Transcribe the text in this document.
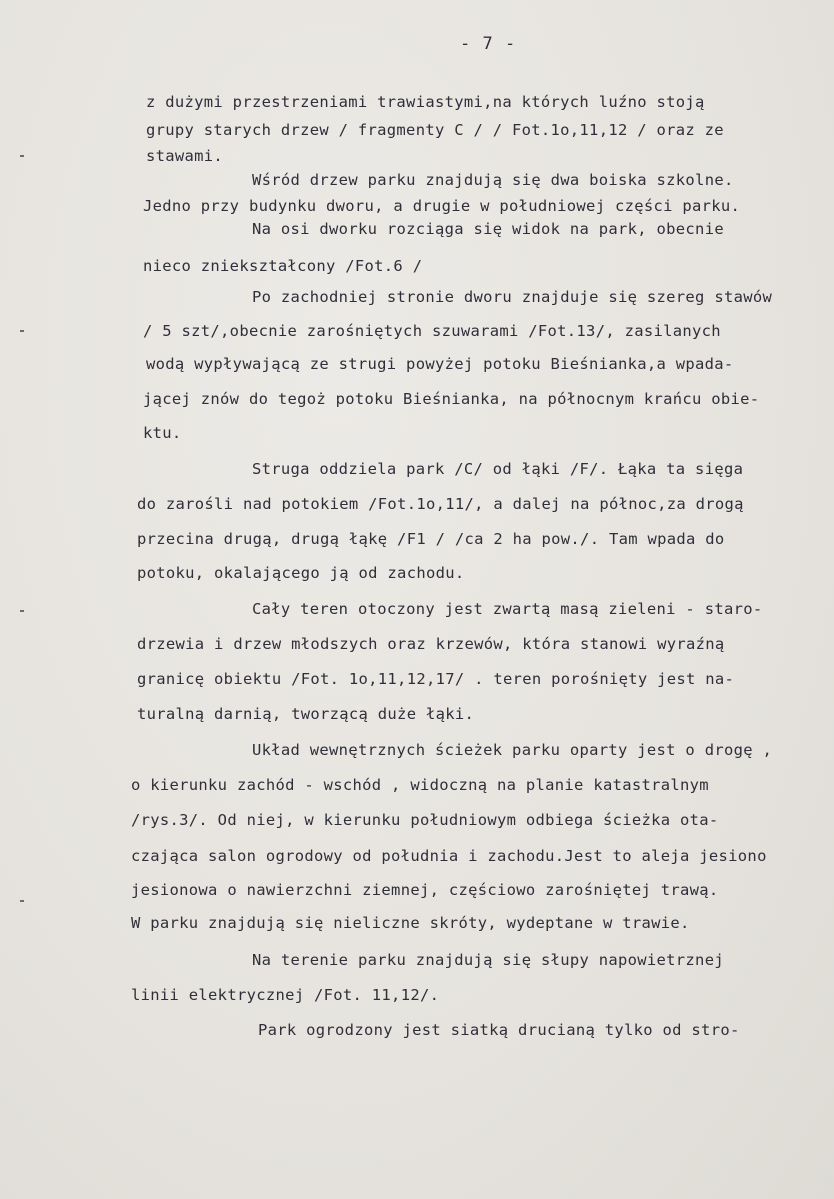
- 7 -
z dużymi przestrzeniami trawiastymi,na których luźno stoją
grupy starych drzew / fragmenty C / / Fot.1o,11,12 / oraz ze
stawami.
Wśród drzew parku znajdują się dwa boiska szkolne.
Jedno przy budynku dworu, a drugie w południowej części parku.
Na osi dworku rozciąga się widok na park, obecnie
nieco zniekształcony /Fot.6 /
Po zachodniej stronie dworu znajduje się szereg stawów
/ 5 szt/,obecnie zarośniętych szuwarami /Fot.13/, zasilanych
wodą wypływającą ze strugi powyżej potoku Bieśnianka,a wpada-
jącej znów do tegoż potoku Bieśnianka, na północnym krańcu obie-
ktu.
Struga oddziela park /C/ od łąki /F/. Łąka ta sięga
do zarośli nad potokiem /Fot.1o,11/, a dalej na północ,za drogą
przecina drugą, drugą łąkę /F1 / /ca 2 ha pow./. Tam wpada do
potoku, okalającego ją od zachodu.
Cały teren otoczony jest zwartą masą zieleni - staro-
drzewia i drzew młodszych oraz krzewów, która stanowi wyraźną
granicę obiektu /Fot. 1o,11,12,17/ . teren porośnięty jest na-
turalną darnią, tworzącą duże łąki.
Układ wewnętrznych ścieżek parku oparty jest o drogę ,
o kierunku zachód - wschód , widoczną na planie katastralnym
/rys.3/. Od niej, w kierunku południowym odbiega ścieżka ota-
czająca salon ogrodowy od południa i zachodu.Jest to aleja jesiono
jesionowa o nawierzchni ziemnej, częściowo zarośniętej trawą.
W parku znajdują się nieliczne skróty, wydeptane w trawie.
Na terenie parku znajdują się słupy napowietrznej
linii elektrycznej /Fot. 11,12/.
Park ogrodzony jest siatką drucianą tylko od stro-
